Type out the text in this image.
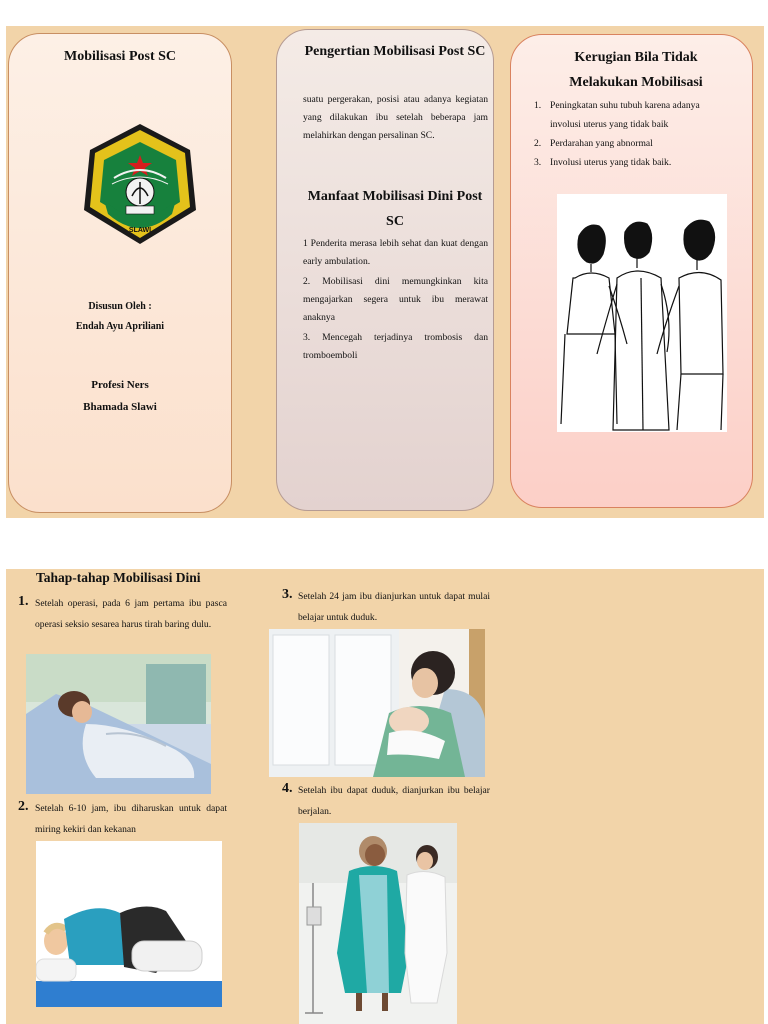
Mobilisasi Post SC
SLAWI
Disusun Oleh :
Endah Ayu Apriliani
Profesi Ners
Bhamada Slawi
Pengertian Mobilisasi Post SC
suatu pergerakan, posisi atau adanya kegiatan yang dilakukan ibu setelah beberapa jam melahirkan dengan persalinan SC.
Manfaat Mobilisasi Dini Post SC
1 Penderita merasa lebih sehat dan kuat dengan early ambulation.
2. Mobilisasi dini memungkinkan kita mengajarkan segera untuk ibu merawat anaknya
3. Mencegah terjadinya trombosis dan tromboemboli
Kerugian Bila Tidak Melakukan Mobilisasi
1. Peningkatan suhu tubuh karena adanya involusi uterus yang tidak baik
2. Perdarahan yang abnormal
3. Involusi uterus yang tidak baik.
Tahap-tahap Mobilisasi Dini
1. Setelah operasi, pada 6 jam pertama ibu pasca operasi seksio sesarea harus tirah baring dulu.
2. Setelah 6-10 jam, ibu diharuskan untuk dapat miring kekiri dan kekanan
3. Setelah 24 jam ibu dianjurkan untuk dapat mulai belajar untuk duduk.
4. Setelah ibu dapat duduk, dianjurkan ibu belajar berjalan.
